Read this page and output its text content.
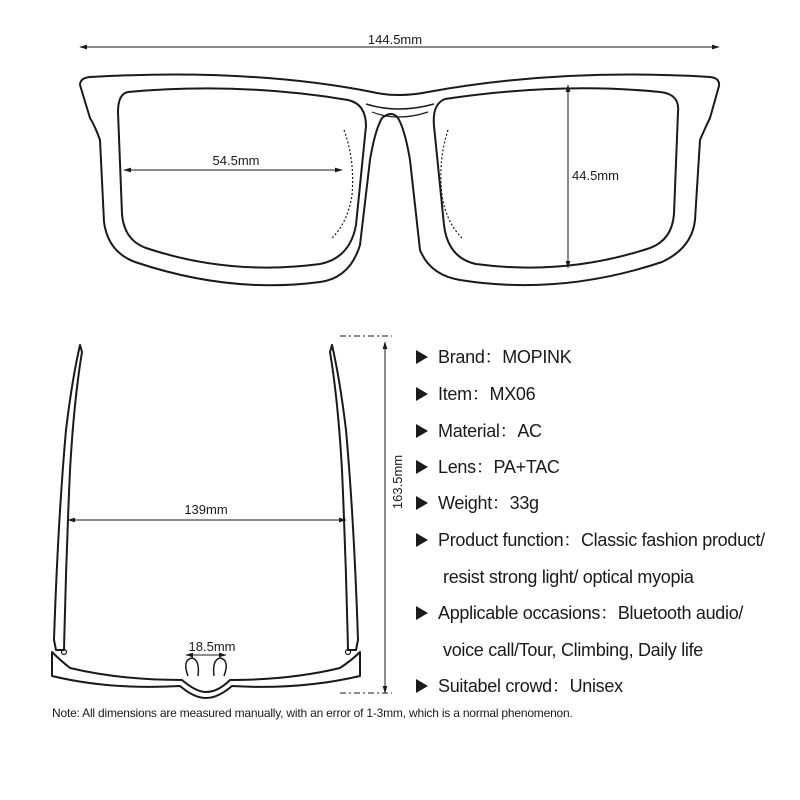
144.5mm
54.5mm
44.5mm
139mm
18.5mm
163.5mm
Brand：MOPINK
Item：MX06
Material：AC
Lens：PA+TAC
Weight：33g
Product function：Classic fashion product/
resist strong light/ optical myopia
Applicable occasions：Bluetooth audio/
voice call/Tour, Climbing, Daily life
Suitabel crowd：Unisex
Note: All dimensions are measured manually, with an error of 1-3mm, which is a normal phenomenon.
